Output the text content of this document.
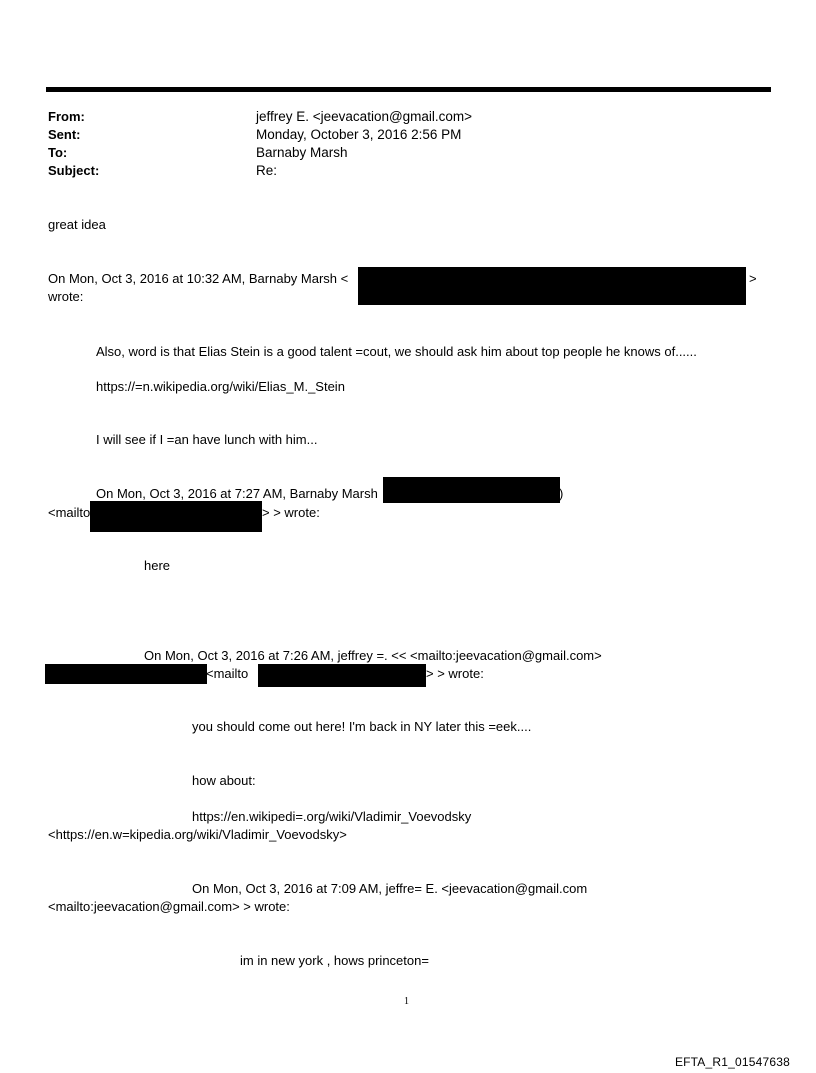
From:	jeffrey E. <jeevacation@gmail.com>
Sent:	Monday, October 3, 2016 2:56 PM
To:	Barnaby Marsh
Subject:	Re:
great idea
On Mon, Oct 3, 2016 at 10:32 AM, Barnaby Marsh <	>
wrote:
Also, word is that Elias Stein is a good talent =cout, we should ask him about top people he knows of......
https://=n.wikipedia.org/wiki/Elias_M._Stein
I will see if I =an have lunch with him...
On Mon, Oct 3, 2016 at 7:27 AM, Barnaby Marsh	)
<mailto	> > wrote:
here
On Mon, Oct 3, 2016 at 7:26 AM, jeffrey =. << <mailto:jeevacation@gmail.com>
<mailto	> > wrote:
you should come out here! I'm back in NY later this =eek....
how about:
https://en.wikipedi=.org/wiki/Vladimir_Voevodsky
<https://en.w=kipedia.org/wiki/Vladimir_Voevodsky>
On Mon, Oct 3, 2016 at 7:09 AM, jeffre= E. <jeevacation@gmail.com
<mailto:jeevacation@gmail.com> > wrote:
im in new york , hows princeton=
1
EFTA_R1_01547638
